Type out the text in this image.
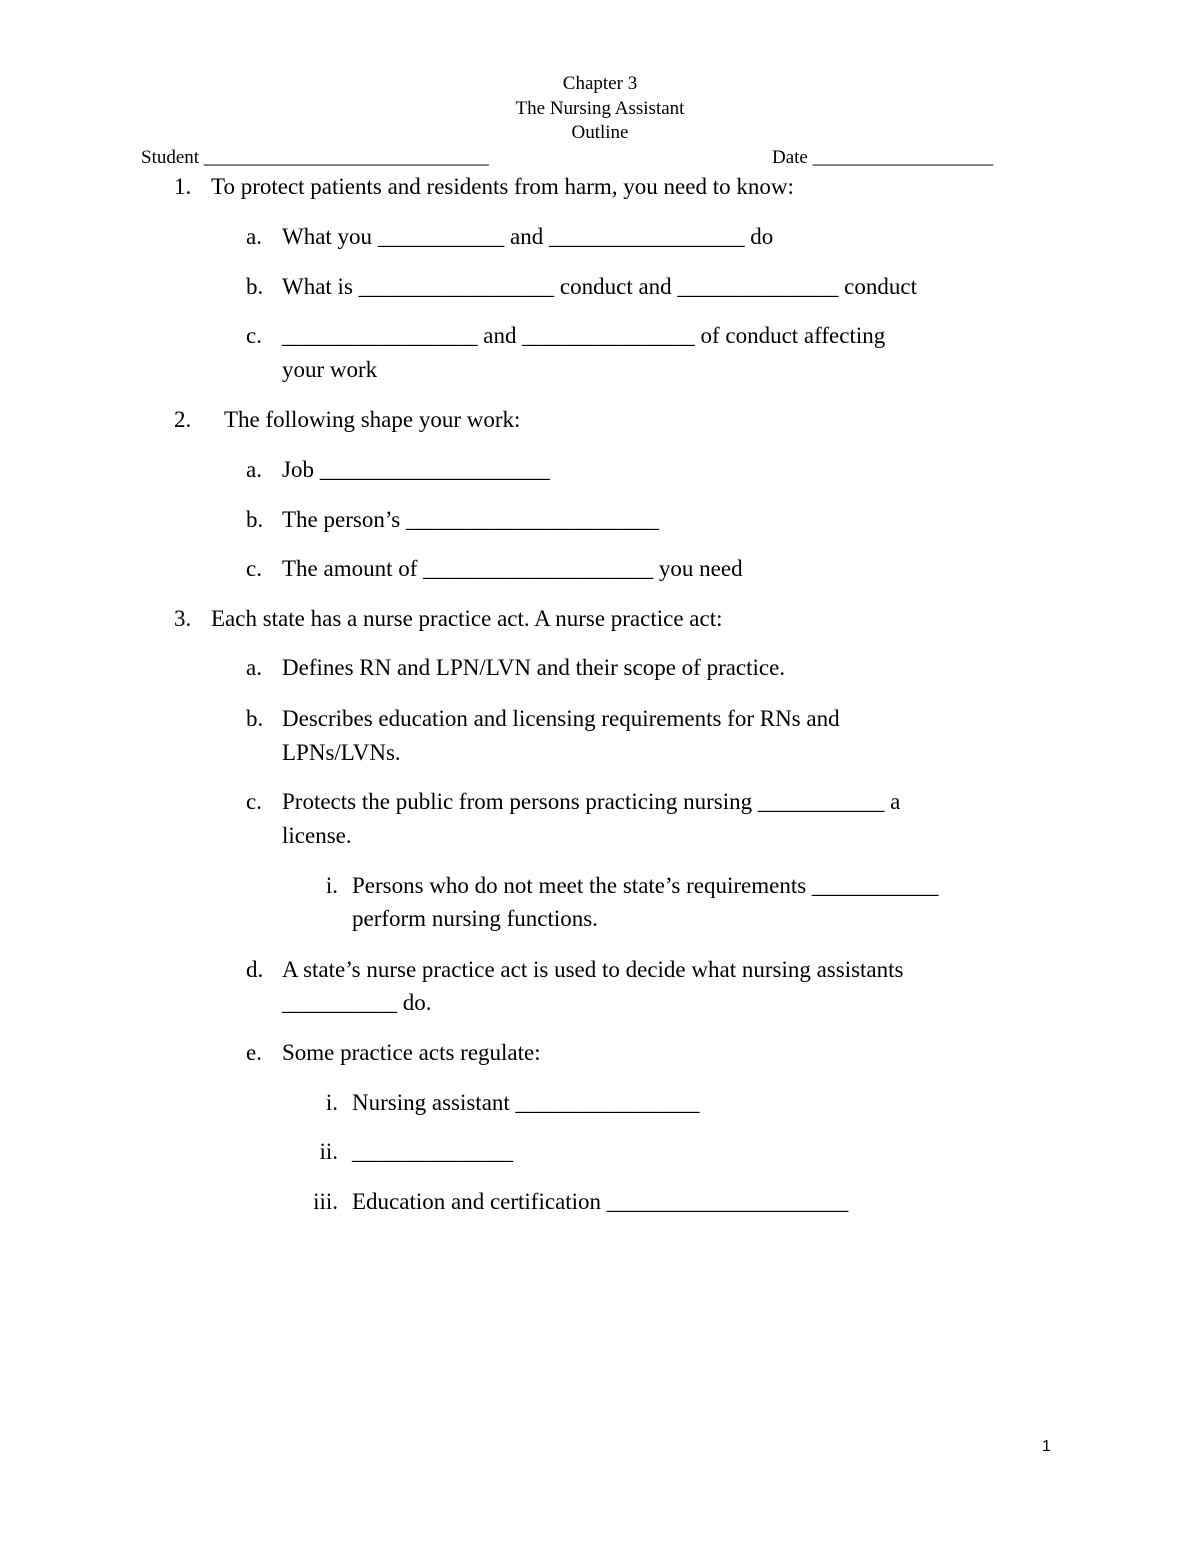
Chapter 3
The Nursing Assistant
Outline
Student ______________________________	Date ___________________
1. To protect patients and residents from harm, you need to know:
a. What you ___________ and _________________ do
b. What is _________________ conduct and ______________ conduct
c. _________________ and _______________ of conduct affecting
your work
2. The following shape your work:
a. Job ____________________
b. The person’s ______________________
c. The amount of ____________________ you need
3. Each state has a nurse practice act. A nurse practice act:
a. Defines RN and LPN/LVN and their scope of practice.
b. Describes education and licensing requirements for RNs and
LPNs/LVNs.
c. Protects the public from persons practicing nursing ___________ a
license.
i. Persons who do not meet the state’s requirements ___________
perform nursing functions.
d. A state’s nurse practice act is used to decide what nursing assistants
__________ do.
e. Some practice acts regulate:
i. Nursing assistant ________________
ii. ______________
iii. Education and certification _____________________
1
